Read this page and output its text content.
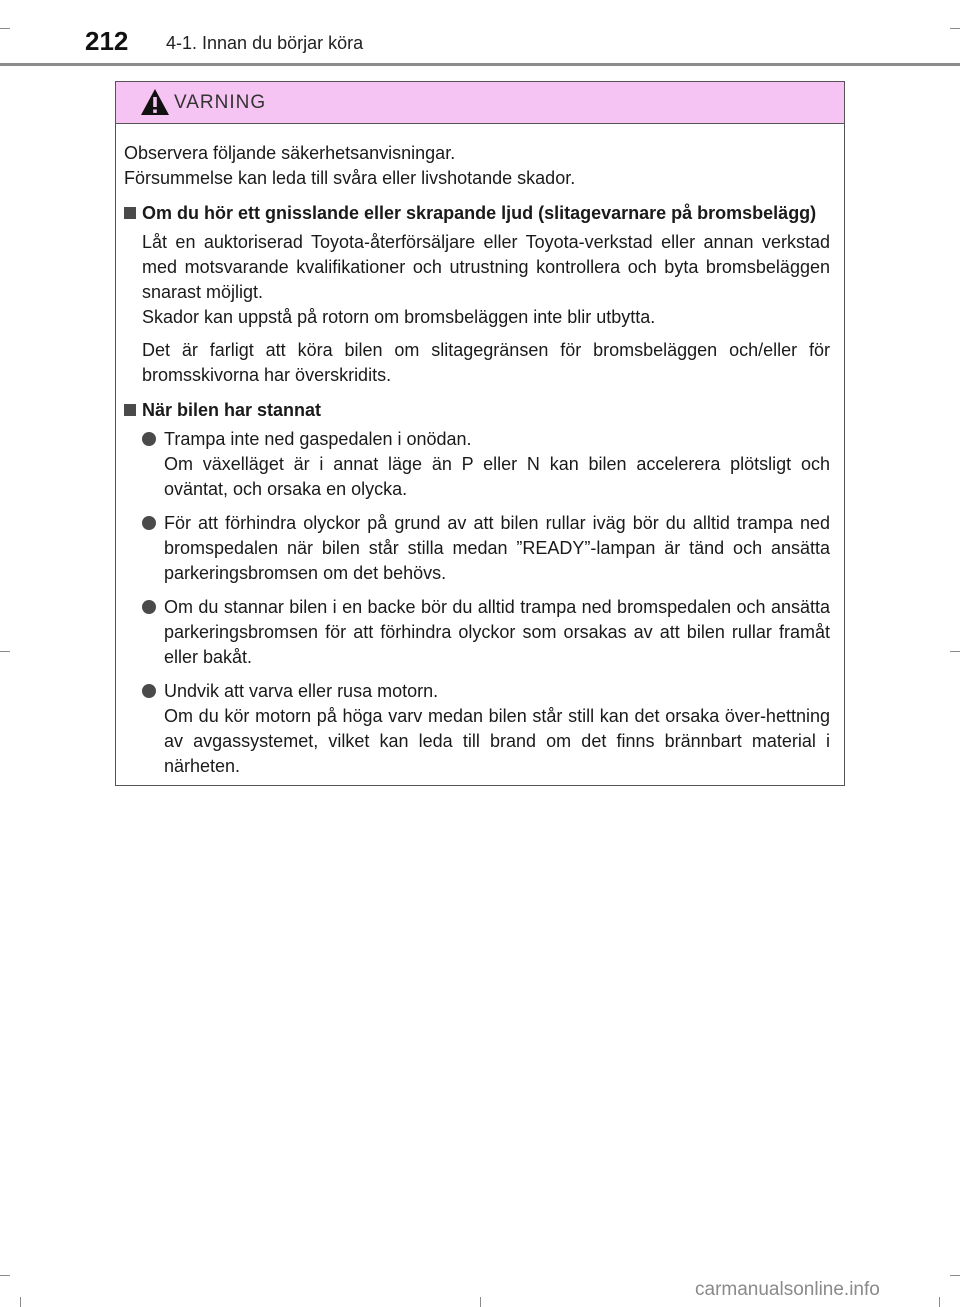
212 4-1. Innan du börjar köra
VARNING

Observera följande säkerhetsanvisningar.

Försummelse kan leda till svåra eller livshotande skador.

Om du hör ett gnisslande eller skrapande ljud (slitagevarnare på bromsbelägg)

Låt en auktoriserad Toyota-återförsäljare eller Toyota-verkstad eller annan verkstad med motsvarande kvalifikationer och utrustning kontrollera och byta bromsbeläggen snarast möjligt.

Skador kan uppstå på rotorn om bromsbeläggen inte blir utbytta.

Det är farligt att köra bilen om slitagegränsen för bromsbeläggen och/eller för bromsskivorna har överskridits.

När bilen har stannat

Trampa inte ned gaspedalen i onödan.

Om växelläget är i annat läge än P eller N kan bilen accelerera plötsligt och oväntat, och orsaka en olycka.

För att förhindra olyckor på grund av att bilen rullar iväg bör du alltid trampa ned bromspedalen när bilen står stilla medan ”READY”-lampan är tänd och ansätta parkeringsbromsen om det behövs.

Om du stannar bilen i en backe bör du alltid trampa ned bromspedalen och ansätta parkeringsbromsen för att förhindra olyckor som orsakas av att bilen rullar framåt eller bakåt.

Undvik att varva eller rusa motorn.

Om du kör motorn på höga varv medan bilen står still kan det orsaka över-hettning av avgassystemet, vilket kan leda till brand om det finns brännbart material i närheten.

carmanualsonline.info
